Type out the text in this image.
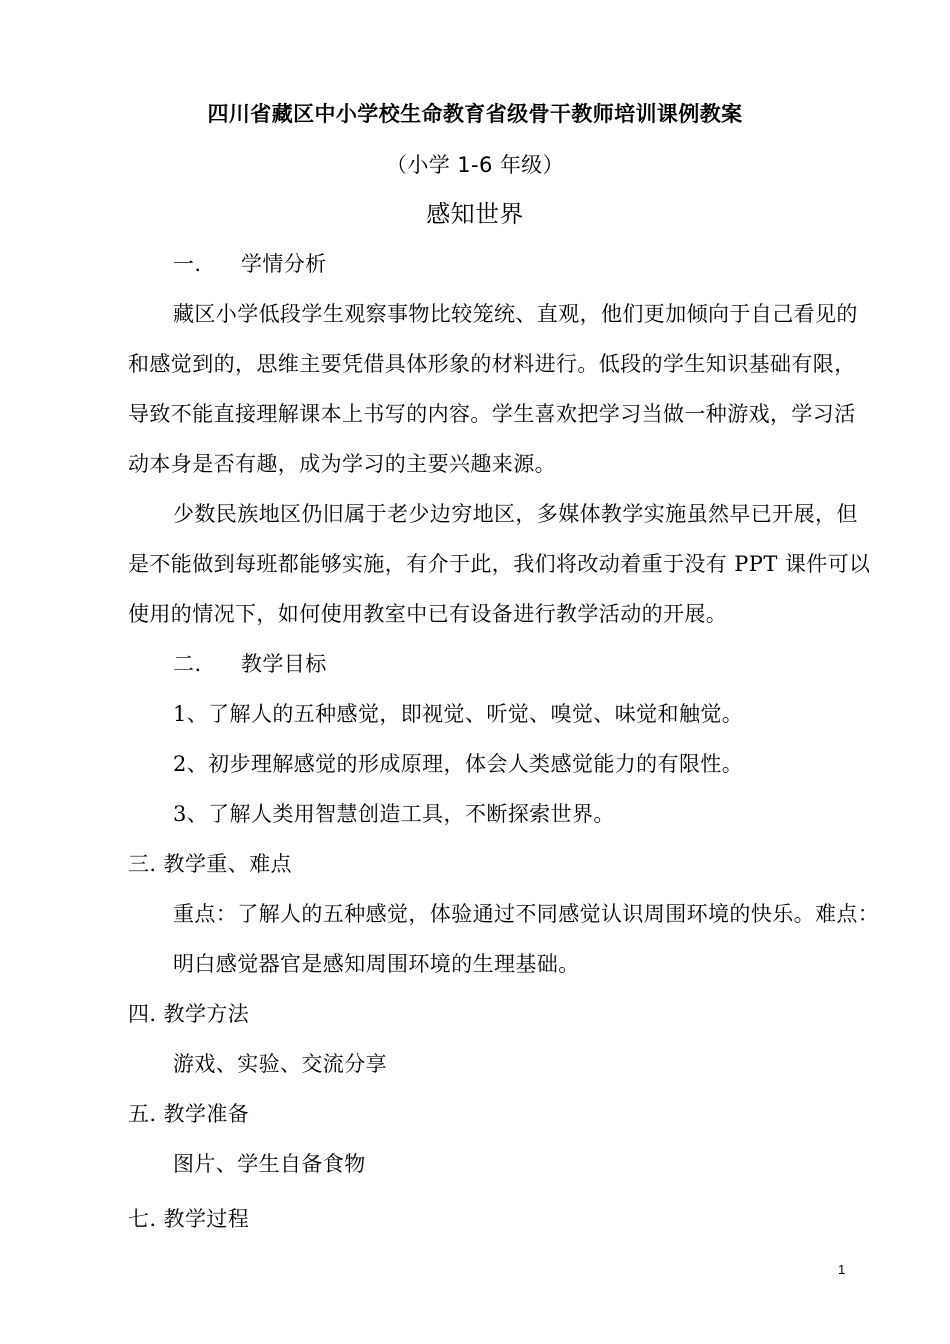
四川省藏区中小学校生命教育省级骨干教师培训课例教案
（小学 1-6 年级）
感知世界
一. 学情分析
藏区小学低段学生观察事物比较笼统、直观，他们更加倾向于自己看见的
和感觉到的，思维主要凭借具体形象的材料进行。低段的学生知识基础有限，
导致不能直接理解课本上书写的内容。学生喜欢把学习当做一种游戏，学习活
动本身是否有趣，成为学习的主要兴趣来源。
少数民族地区仍旧属于老少边穷地区，多媒体教学实施虽然早已开展，但
是不能做到每班都能够实施，有介于此，我们将改动着重于没有 PPT 课件可以
使用的情况下，如何使用教室中已有设备进行教学活动的开展。
二. 教学目标
1、了解人的五种感觉，即视觉、听觉、嗅觉、味觉和触觉。
2、初步理解感觉的形成原理，体会人类感觉能力的有限性。
3、了解人类用智慧创造工具，不断探索世界。
三. 教学重、难点
重点：了解人的五种感觉，体验通过不同感觉认识周围环境的快乐。难点：
明白感觉器官是感知周围环境的生理基础。
四. 教学方法
游戏、实验、交流分享
五. 教学准备
图片、学生自备食物
七. 教学过程
1
